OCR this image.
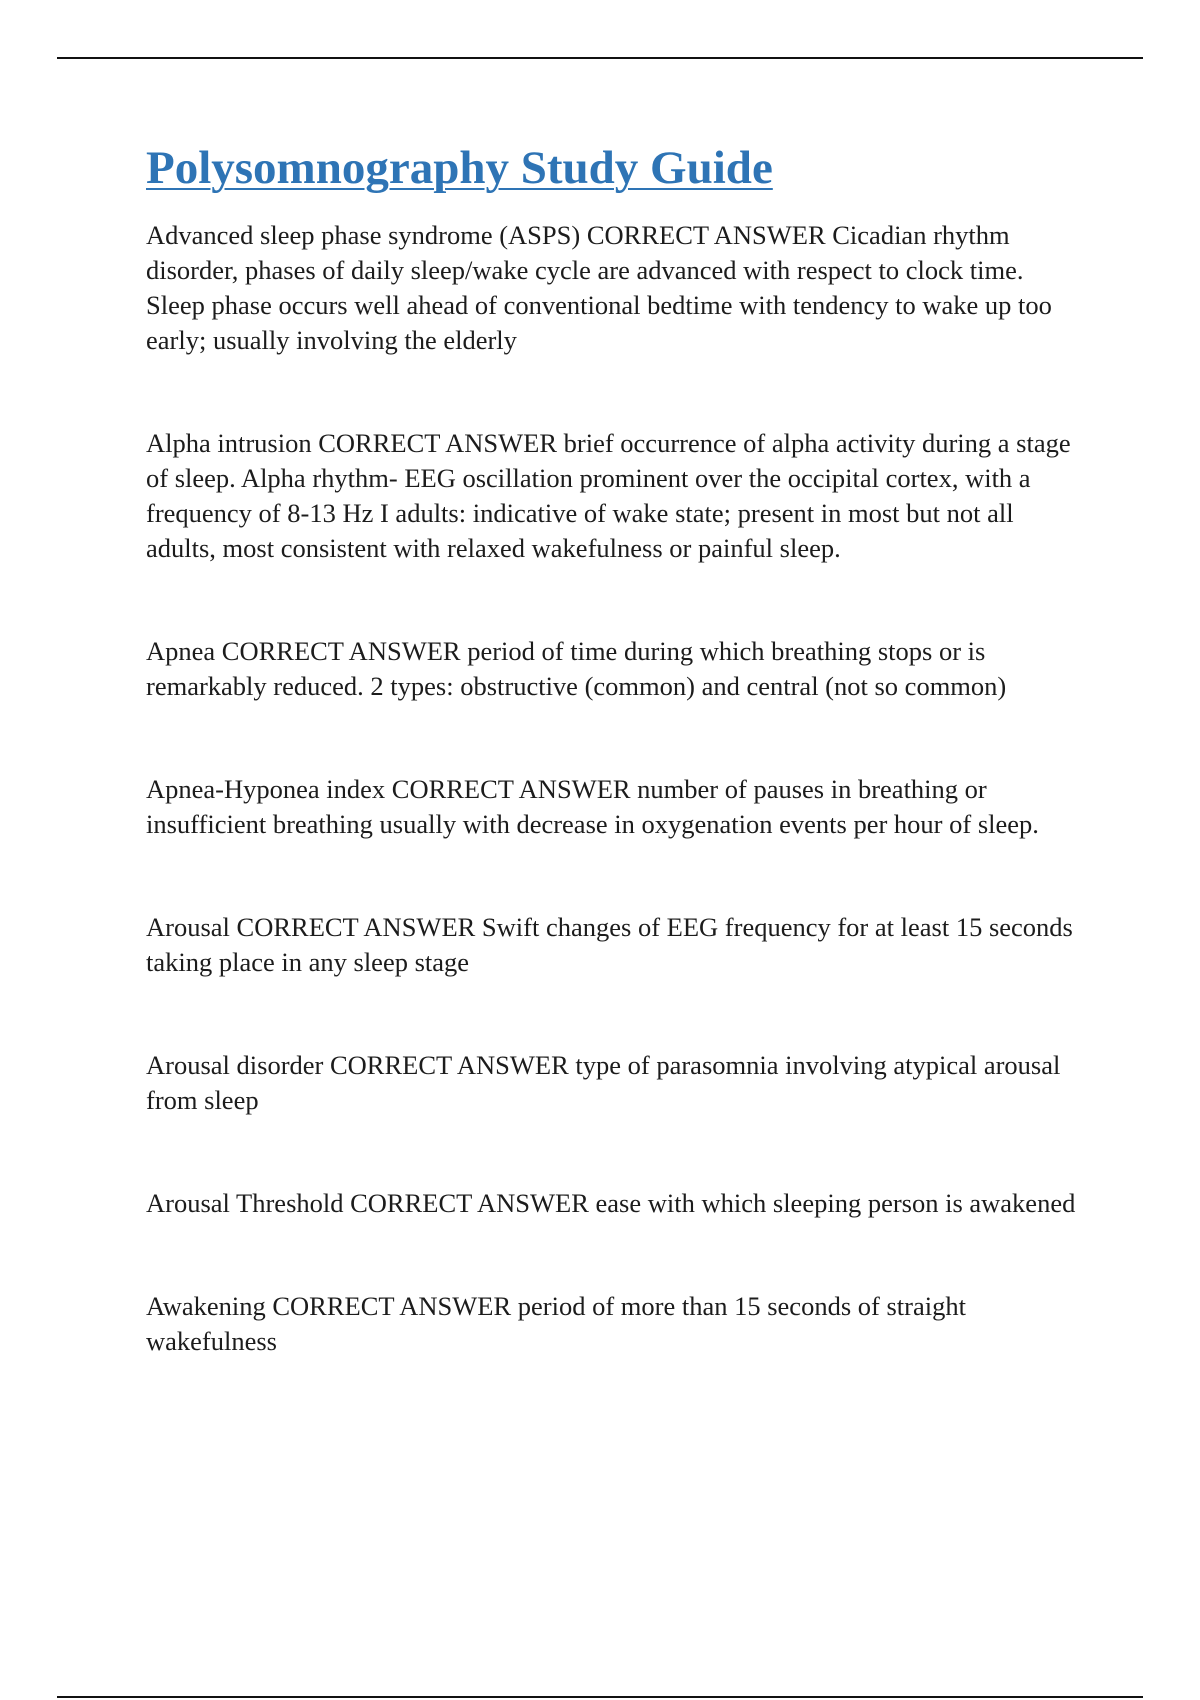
Polysomnography Study Guide

Advanced sleep phase syndrome (ASPS) CORRECT ANSWER Cicadian rhythm disorder, phases of daily sleep/wake cycle are advanced with respect to clock time. Sleep phase occurs well ahead of conventional bedtime with tendency to wake up too early; usually involving the elderly

Alpha intrusion CORRECT ANSWER brief occurrence of alpha activity during a stage of sleep. Alpha rhythm- EEG oscillation prominent over the occipital cortex, with a frequency of 8-13 Hz I adults: indicative of wake state; present in most but not all adults, most consistent with relaxed wakefulness or painful sleep.

Apnea CORRECT ANSWER period of time during which breathing stops or is remarkably reduced. 2 types: obstructive (common) and central (not so common)

Apnea-Hyponea index CORRECT ANSWER number of pauses in breathing or insufficient breathing usually with decrease in oxygenation events per hour of sleep.

Arousal CORRECT ANSWER Swift changes of EEG frequency for at least 15 seconds taking place in any sleep stage

Arousal disorder CORRECT ANSWER type of parasomnia involving atypical arousal from sleep

Arousal Threshold CORRECT ANSWER ease with which sleeping person is awakened

Awakening CORRECT ANSWER period of more than 15 seconds of straight wakefulness
